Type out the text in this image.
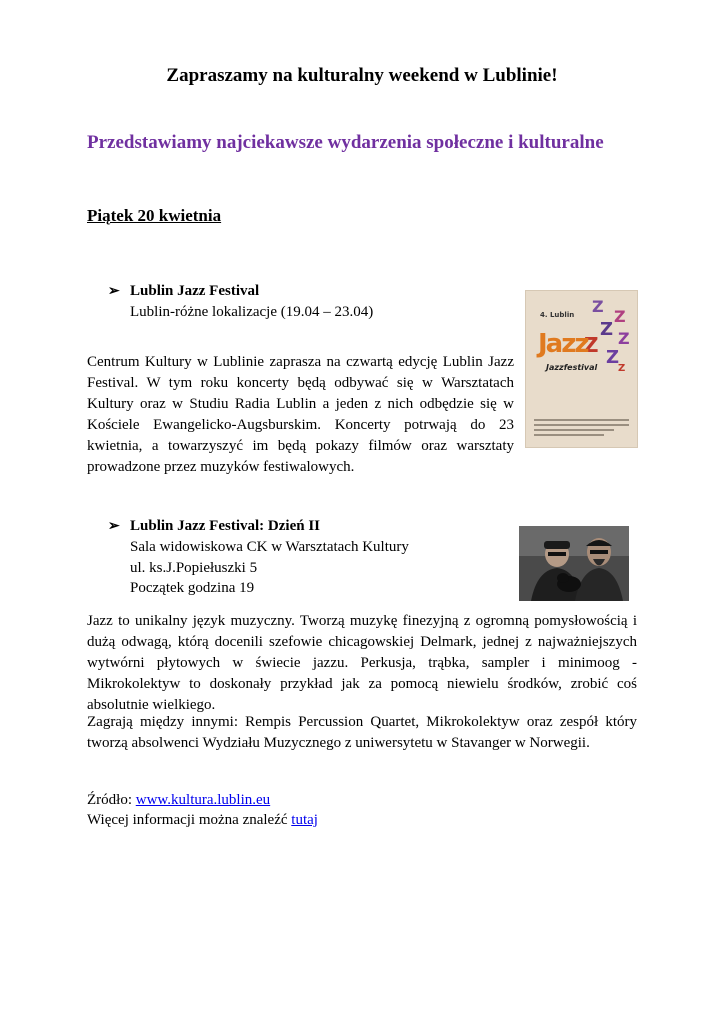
Zapraszamy na kulturalny weekend w Lublinie!
Przedstawiamy najciekawsze wydarzenia społeczne i kulturalne
Piątek 20 kwietnia
➢ Lublin Jazz Festival
Lublin-różne lokalizacje (19.04 – 23.04)
Centrum Kultury w Lublinie zaprasza na czwartą edycję Lublin Jazz Festival. W tym roku koncerty będą odbywać się w Warsztatach Kultury oraz w Studiu Radia Lublin a jeden z nich odbędzie się w Kościele Ewangelicko-Augsburskim. Koncerty potrwają do 23 kwietnia, a towarzyszyć im będą pokazy filmów oraz warsztaty prowadzone przez muzyków festiwalowych.
4. Lublin Z
Z
Z Z
Z
Z
Jazz
Jazzfestival Z
➢ Lublin Jazz Festival: Dzień II
Sala widowiskowa CK w Warsztatach Kultury
ul. ks.J.Popiełuszki 5
Początek godzina 19
Jazz to unikalny język muzyczny. Tworzą muzykę finezyjną z ogromną pomysłowością i dużą odwagą, którą docenili szefowie chicagowskiej Delmark, jednej z najważniejszych wytwórni płytowych w świecie jazzu. Perkusja, trąbka, sampler i minimoog - Mikrokolektyw to doskonały przykład jak za pomocą niewielu środków, zrobić coś absolutnie wielkiego.
Zagrają między innymi: Rempis Percussion Quartet, Mikrokolektyw oraz zespół który tworzą absolwenci Wydziału Muzycznego z uniwersytetu w Stavanger w Norwegii.
Źródło: www.kultura.lublin.eu
Więcej informacji można znaleźć tutaj
